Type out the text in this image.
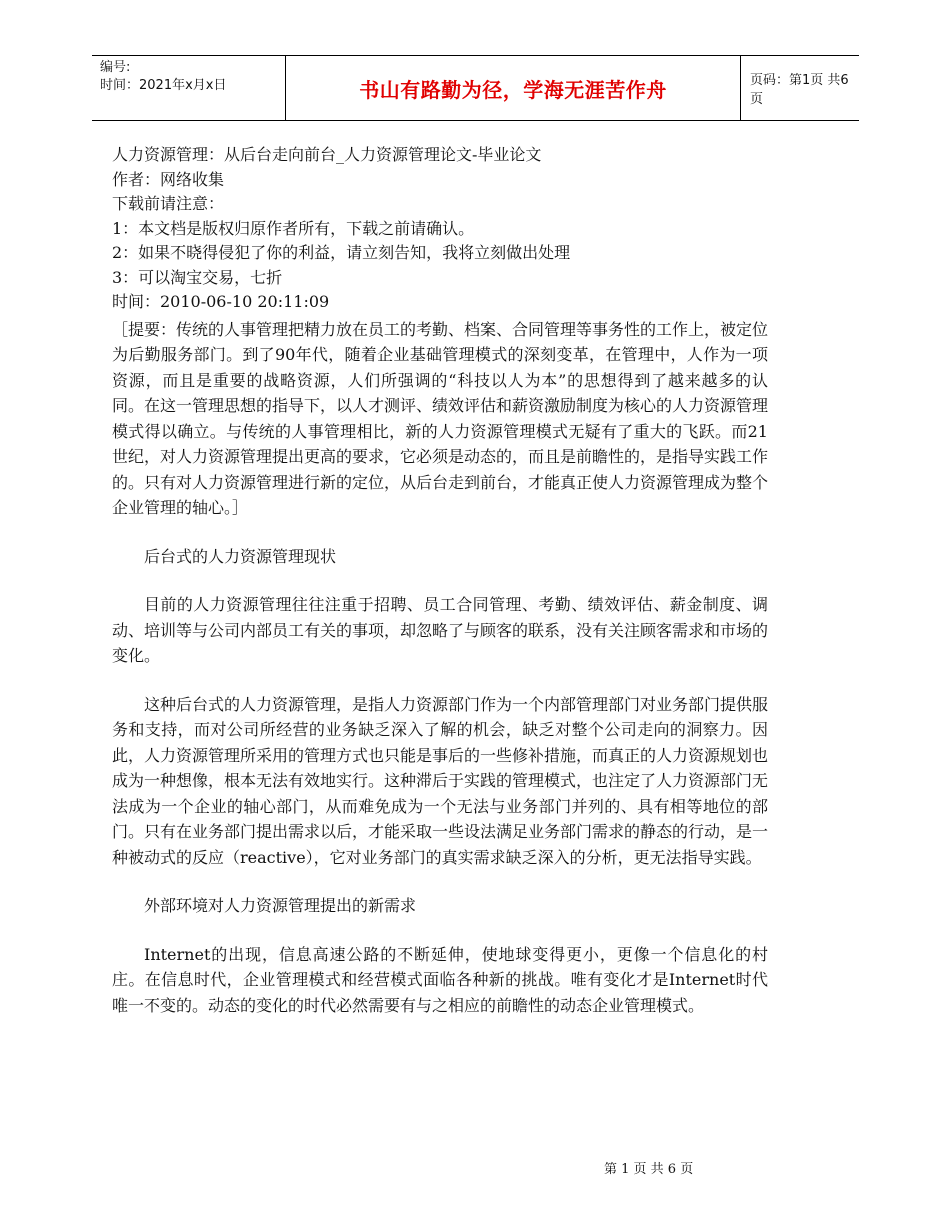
编号:
时间：2021年x月x日	书山有路勤为径，学海无涯苦作舟	页码：第1页 共6页

人力资源管理：从后台走向前台_人力资源管理论文-毕业论文

作者：网络收集

下载前请注意：

1：本文档是版权归原作者所有，下载之前请确认。

2：如果不晓得侵犯了你的利益，请立刻告知，我将立刻做出处理

3：可以淘宝交易，七折

时间：2010-06-10 20:11:09

［提要：传统的人事管理把精力放在员工的考勤、档案、合同管理等事务性的工作上，被定位为后勤服务部门。到了90年代，随着企业基础管理模式的深刻变革，在管理中，人作为一项资源，而且是重要的战略资源，人们所强调的“科技以人为本”的思想得到了越来越多的认同。在这一管理思想的指导下，以人才测评、绩效评估和薪资激励制度为核心的人力资源管理模式得以确立。与传统的人事管理相比，新的人力资源管理模式无疑有了重大的飞跃。而21世纪，对人力资源管理提出更高的要求，它必须是动态的，而且是前瞻性的，是指导实践工作的。只有对人力资源管理进行新的定位，从后台走到前台，才能真正使人力资源管理成为整个企业管理的轴心。］

后台式的人力资源管理现状

目前的人力资源管理往往注重于招聘、员工合同管理、考勤、绩效评估、薪金制度、调动、培训等与公司内部员工有关的事项，却忽略了与顾客的联系，没有关注顾客需求和市场的变化。

这种后台式的人力资源管理，是指人力资源部门作为一个内部管理部门对业务部门提供服务和支持，而对公司所经营的业务缺乏深入了解的机会，缺乏对整个公司走向的洞察力。因此，人力资源管理所采用的管理方式也只能是事后的一些修补措施，而真正的人力资源规划也成为一种想像，根本无法有效地实行。这种滞后于实践的管理模式，也注定了人力资源部门无法成为一个企业的轴心部门，从而难免成为一个无法与业务部门并列的、具有相等地位的部门。只有在业务部门提出需求以后，才能采取一些设法满足业务部门需求的静态的行动，是一种被动式的反应（reactive），它对业务部门的真实需求缺乏深入的分析，更无法指导实践。

外部环境对人力资源管理提出的新需求

Internet的出现，信息高速公路的不断延伸，使地球变得更小，更像一个信息化的村庄。在信息时代，企业管理模式和经营模式面临各种新的挑战。唯有变化才是Internet时代唯一不变的。动态的变化的时代必然需要有与之相应的前瞻性的动态企业管理模式。

第 1 页 共 6 页
